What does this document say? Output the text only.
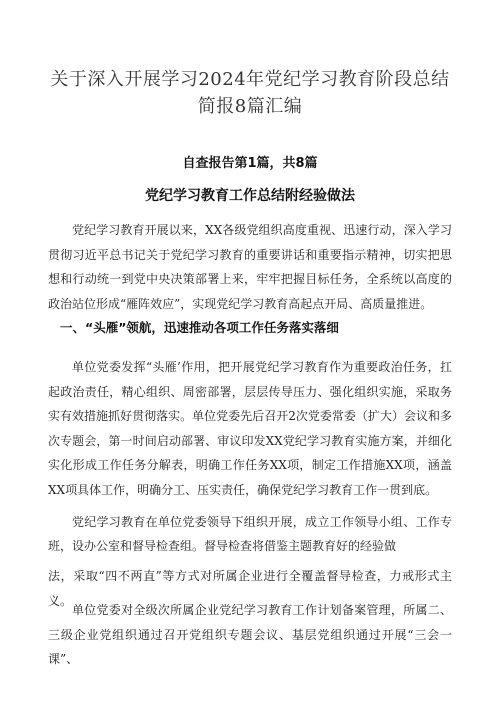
关于深入开展学习2024年党纪学习教育阶段总结简报8篇汇编
自查报告第1篇，共8篇
党纪学习教育工作总结附经验做法

党纪学习教育开展以来，XX各级党组织高度重视、迅速行动，深入学习贯彻习近平总书记关于党纪学习教育的重要讲话和重要指示精神，切实把思想和行动统一到党中央决策部署上来，牢牢把握目标任务，全系统以高度的政治站位形成“雁阵效应”，实现党纪学习教育高起点开局、高质量推进。

一、“头雁”领航，迅速推动各项工作任务落实落细

单位党委发挥“头雁’作用，把开展党纪学习教育作为重要政治任务，扛起政治责任，精心组织、周密部署，层层传导压力、强化组织实施，采取务实有效措施抓好贯彻落实。单位党委先后召开2次党委常委（扩大）会议和多次专题会，第一时间启动部署、审议印发XX党纪学习教育实施方案，并细化实化形成工作任务分解表，明确工作任务XX项，制定工作措施XX项，涵盖XX项具体工作，明确分工、压实责任，确保党纪学习教育工作一贯到底。

党纪学习教育在单位党委领导下组织开展，成立工作领导小组、工作专班，设办公室和督导检查组。督导检查将借鉴主题教育好的经验做

法，采取“四不两直”等方式对所属企业进行全覆盖督导检查，力戒形式主义。

单位党委对全级次所属企业党纪学习教育工作计划备案管理，所属二、三级企业党组织通过召开党组织专题会议、基层党组织通过开展“三会一课”、
